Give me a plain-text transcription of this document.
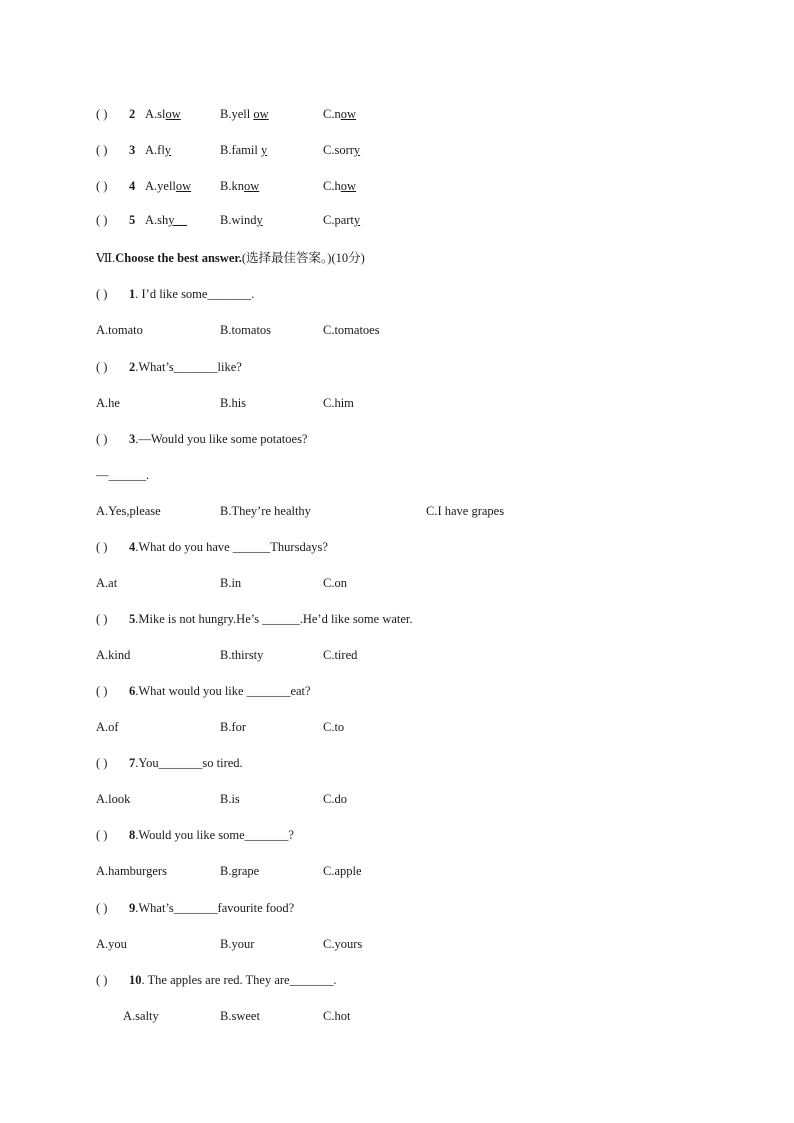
( ) 2 A.slow	B.yell ow	C.now
( ) 3 A.fly	B.famil y	C.sorry
( ) 4 A.yellow B.know	C.how
( ) 5 A.shy__	B.windy	C.party
Ⅶ.Choose the best answer.(选择最佳答案。)(10分)
( ) 1. I’d like some_______.
A.tomato	B.tomatos	C.tomatoes
( ) 2.What’s_______like?
A.he	B.his	C.him
( ) 3.—Would you like some potatoes?
—______.
A.Yes,please	B.They’re healthy	C.I have grapes
( ) 4.What do you have ______Thursdays?
A.at	B.in	C.on
( ) 5.Mike is not hungry.He’s ______.He’d like some water.
A.kind	B.thirsty	C.tired
( ) 6.What would you like _______eat?
A.of	B.for	C.to
( ) 7.You_______so tired.
A.look	B.is	C.do
( ) 8.Would you like some_______?
A.hamburgers	B.grape	C.apple
( ) 9.What’s_______favourite food?
A.you	B.your	C.yours
( ) 10. The apples are red. They are_______.
A.salty	B.sweet	C.hot
